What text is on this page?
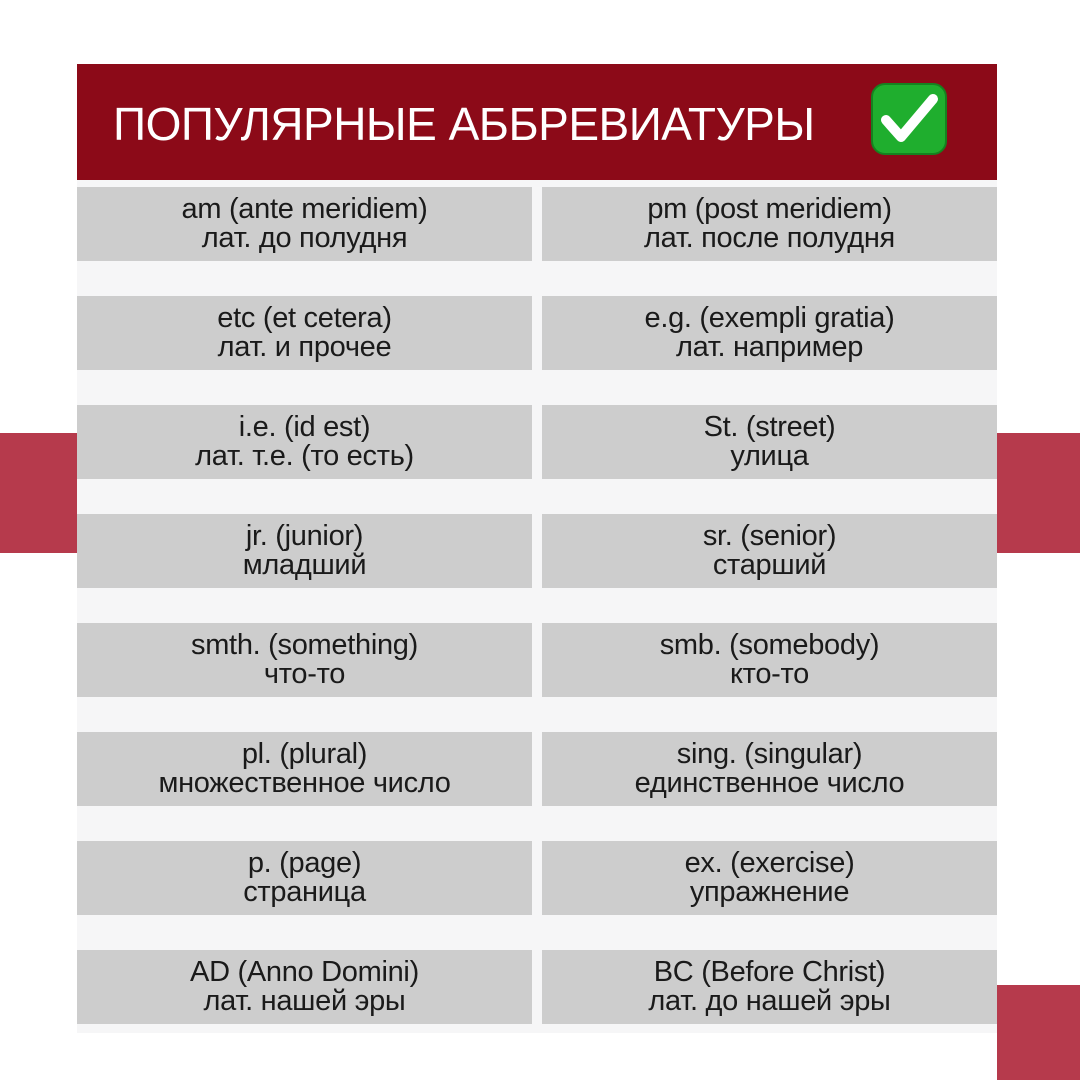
ПОПУЛЯРНЫЕ АББРЕВИАТУРЫ
am (ante meridiem)
лат. до полудня
pm (post meridiem)
лат. после полудня
etc (et cetera)
лат. и прочее
e.g. (exempli gratia)
лат. например
i.e. (id est)
лат. т.е. (то есть)
St. (street)
улица
jr. (junior)
младший
sr. (senior)
старший
smth. (something)
что-то
smb. (somebody)
кто-то
pl. (plural)
множественное число
sing. (singular)
единственное число
p. (page)
страница
ex. (exercise)
упражнение
AD (Anno Domini)
лат. нашей эры
BC (Before Christ)
лат. до нашей эры
